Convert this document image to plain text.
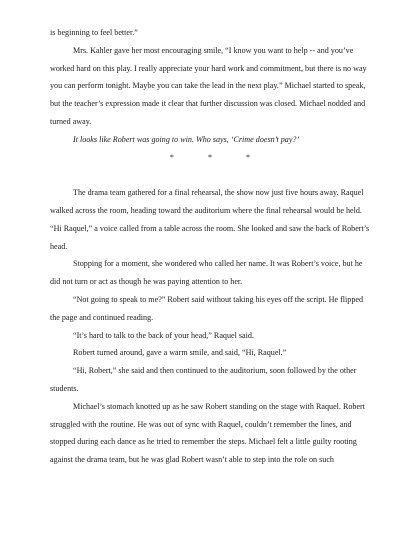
is beginning to feel better.”

Mrs. Kahler gave her most encouraging smile, “I know you want to help -- and you’ve worked hard on this play. I really appreciate your hard work and commitment, but there is no way you can perform tonight. Maybe you can take the lead in the next play.” Michael started to speak, but the teacher’s expression made it clear that further discussion was closed. Michael nodded and turned away.

It looks like Robert was going to win. Who says, ‘Crime doesn’t pay?’

*	*	*

The drama team gathered for a final rehearsal, the show now just five hours away. Raquel walked across the room, heading toward the auditorium where the final rehearsal would be held. “Hi Raquel,” a voice called from a table across the room. She looked and saw the back of Robert’s head.

Stopping for a moment, she wondered who called her name. It was Robert’s voice, but he did not turn or act as though he was paying attention to her.

“Not going to speak to me?” Robert said without taking his eyes off the script. He flipped the page and continued reading.

“It’s hard to talk to the back of your head,” Raquel said.

Robert turned around, gave a warm smile, and said, “Hi, Raquel.”

“Hi, Robert,” she said and then continued to the auditorium, soon followed by the other students.

Michael’s stomach knotted up as he saw Robert standing on the stage with Raquel. Robert struggled with the routine. He was out of sync with Raquel, couldn’t remember the lines, and stopped during each dance as he tried to remember the steps. Michael felt a little guilty rooting against the drama team, but he was glad Robert wasn’t able to step into the role on such
